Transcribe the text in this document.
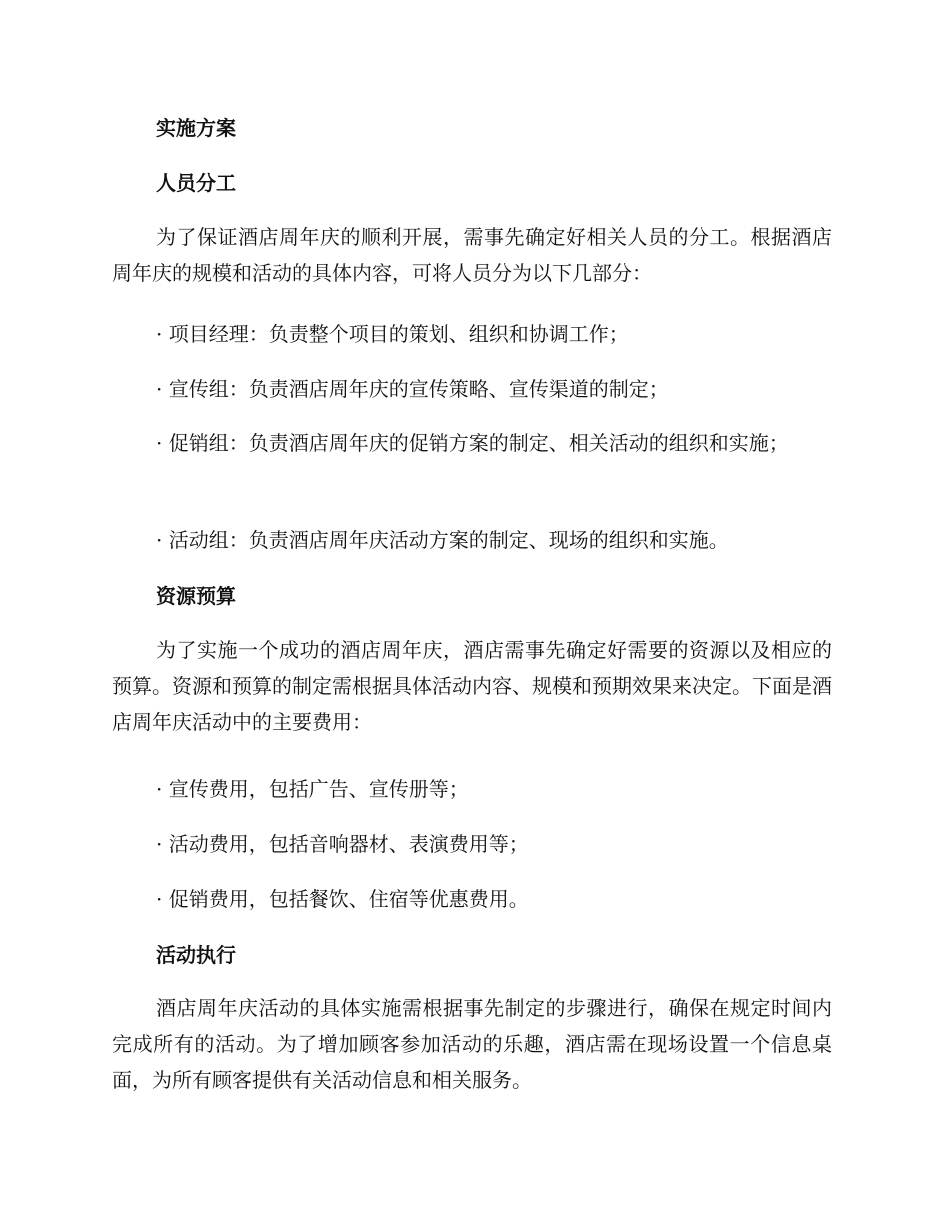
实施方案
人员分工
为了保证酒店周年庆的顺利开展，需事先确定好相关人员的分工。根据酒店周年庆的规模和活动的具体内容，可将人员分为以下几部分：
· 项目经理：负责整个项目的策划、组织和协调工作；
· 宣传组：负责酒店周年庆的宣传策略、宣传渠道的制定；
· 促销组：负责酒店周年庆的促销方案的制定、相关活动的组织和实施；
· 活动组：负责酒店周年庆活动方案的制定、现场的组织和实施。
资源预算
为了实施一个成功的酒店周年庆，酒店需事先确定好需要的资源以及相应的预算。资源和预算的制定需根据具体活动内容、规模和预期效果来决定。下面是酒店周年庆活动中的主要费用：
· 宣传费用，包括广告、宣传册等；
· 活动费用，包括音响器材、表演费用等；
· 促销费用，包括餐饮、住宿等优惠费用。
活动执行
酒店周年庆活动的具体实施需根据事先制定的步骤进行，确保在规定时间内完成所有的活动。为了增加顾客参加活动的乐趣，酒店需在现场设置一个信息桌面，为所有顾客提供有关活动信息和相关服务。
